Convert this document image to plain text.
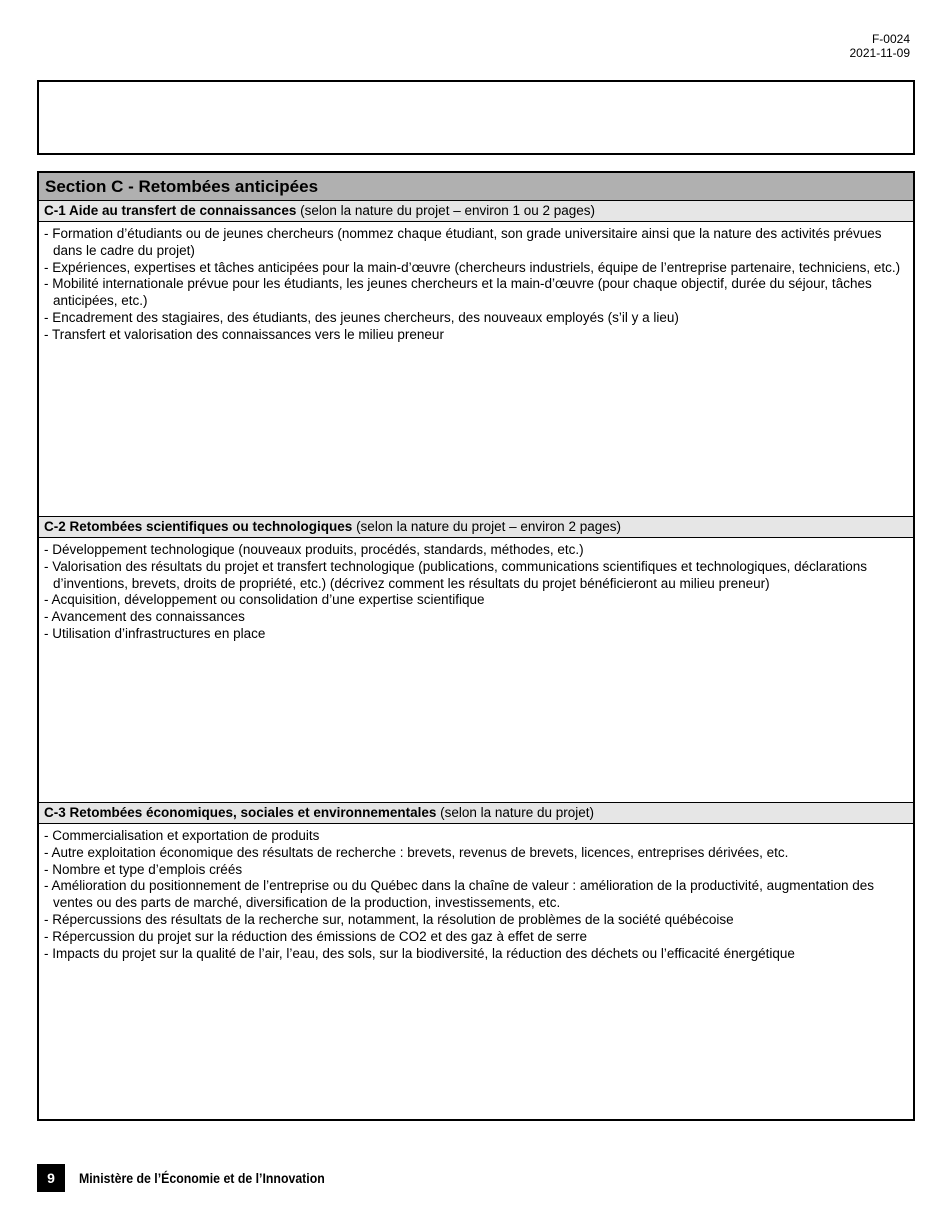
F-0024
2021-11-09
Section C - Retombées anticipées
C-1 Aide au transfert de connaissances (selon la nature du projet – environ 1 ou 2 pages)
- Formation d’étudiants ou de jeunes chercheurs (nommez chaque étudiant, son grade universitaire ainsi que la nature des activités prévues dans le cadre du projet)
- Expériences, expertises et tâches anticipées pour la main-d’œuvre (chercheurs industriels, équipe de l’entreprise partenaire, techniciens, etc.)
- Mobilité internationale prévue pour les étudiants, les jeunes chercheurs et la main-d’œuvre (pour chaque objectif, durée du séjour, tâches anticipées, etc.)
- Encadrement des stagiaires, des étudiants, des jeunes chercheurs, des nouveaux employés (s’il y a lieu)
- Transfert et valorisation des connaissances vers le milieu preneur
C-2 Retombées scientifiques ou technologiques (selon la nature du projet – environ 2 pages)
- Développement technologique (nouveaux produits, procédés, standards, méthodes, etc.)
- Valorisation des résultats du projet et transfert technologique (publications, communications scientifiques et technologiques, déclarations d’inventions, brevets, droits de propriété, etc.) (décrivez comment les résultats du projet bénéficieront au milieu preneur)
- Acquisition, développement ou consolidation d’une expertise scientifique
- Avancement des connaissances
- Utilisation d’infrastructures en place
C-3 Retombées économiques, sociales et environnementales (selon la nature du projet)
- Commercialisation et exportation de produits
- Autre exploitation économique des résultats de recherche : brevets, revenus de brevets, licences, entreprises dérivées, etc.
- Nombre et type d’emplois créés
- Amélioration du positionnement de l’entreprise ou du Québec dans la chaîne de valeur : amélioration de la productivité, augmentation des ventes ou des parts de marché, diversification de la production, investissements, etc.
- Répercussions des résultats de la recherche sur, notamment, la résolution de problèmes de la société québécoise
- Répercussion du projet sur la réduction des émissions de CO2 et des gaz à effet de serre
- Impacts du projet sur la qualité de l’air, l’eau, des sols, sur la biodiversité, la réduction des déchets ou l’efficacité énergétique
9	Ministère de l’Économie et de l’Innovation
